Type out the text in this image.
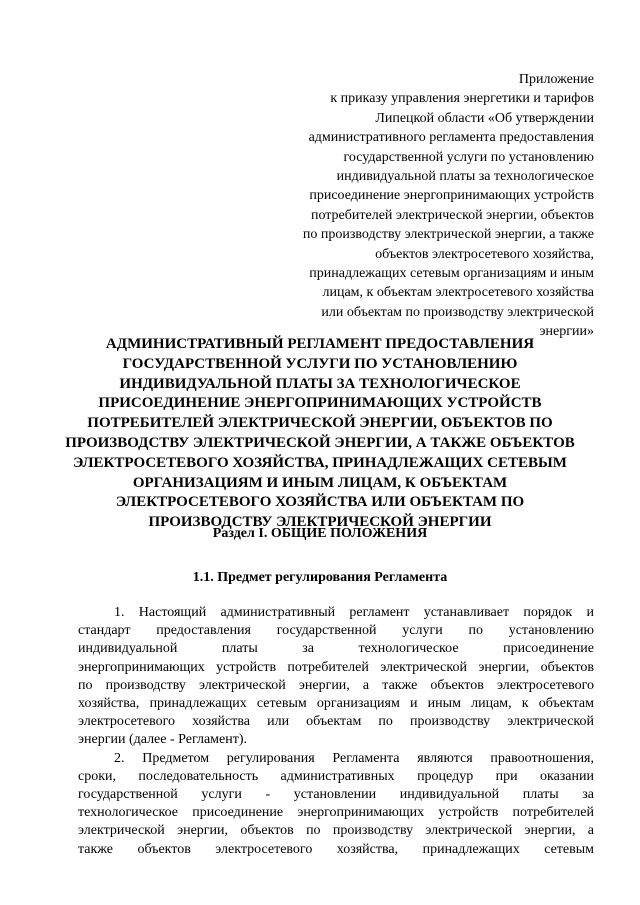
Приложение
к приказу управления энергетики и тарифов
Липецкой области «Об утверждении
административного регламента предоставления
государственной услуги по установлению
индивидуальной платы за технологическое
присоединение энергопринимающих устройств
потребителей электрической энергии, объектов
по производству электрической энергии, а также
объектов электросетевого хозяйства,
принадлежащих сетевым организациям и иным
лицам, к объектам электросетевого хозяйства
или объектам по производству электрической
энергии»
АДМИНИСТРАТИВНЫЙ РЕГЛАМЕНТ ПРЕДОСТАВЛЕНИЯ
ГОСУДАРСТВЕННОЙ УСЛУГИ ПО УСТАНОВЛЕНИЮ
ИНДИВИДУАЛЬНОЙ ПЛАТЫ ЗА ТЕХНОЛОГИЧЕСКОЕ
ПРИСОЕДИНЕНИЕ ЭНЕРГОПРИНИМАЮЩИХ УСТРОЙСТВ
ПОТРЕБИТЕЛЕЙ ЭЛЕКТРИЧЕСКОЙ ЭНЕРГИИ, ОБЪЕКТОВ ПО
ПРОИЗВОДСТВУ ЭЛЕКТРИЧЕСКОЙ ЭНЕРГИИ, А ТАКЖЕ ОБЪЕКТОВ
ЭЛЕКТРОСЕТЕВОГО ХОЗЯЙСТВА, ПРИНАДЛЕЖАЩИХ СЕТЕВЫМ
ОРГАНИЗАЦИЯМ И ИНЫМ ЛИЦАМ, К ОБЪЕКТАМ
ЭЛЕКТРОСЕТЕВОГО ХОЗЯЙСТВА ИЛИ ОБЪЕКТАМ ПО
ПРОИЗВОДСТВУ ЭЛЕКТРИЧЕСКОЙ ЭНЕРГИИ
Раздел I. ОБЩИЕ ПОЛОЖЕНИЯ
1.1. Предмет регулирования Регламента
1. Настоящий административный регламент устанавливает порядок и
стандарт предоставления государственной услуги по установлению
индивидуальной платы за технологическое присоединение
энергопринимающих устройств потребителей электрической энергии, объектов
по производству электрической энергии, а также объектов электросетевого
хозяйства, принадлежащих сетевым организациям и иным лицам, к объектам
электросетевого хозяйства или объектам по производству электрической
энергии (далее - Регламент).
2. Предметом регулирования Регламента являются правоотношения,
сроки, последовательность административных процедур при оказании
государственной услуги - установлении индивидуальной платы за
технологическое присоединение энергопринимающих устройств потребителей
электрической энергии, объектов по производству электрической энергии, а
также объектов электросетевого хозяйства, принадлежащих сетевым
